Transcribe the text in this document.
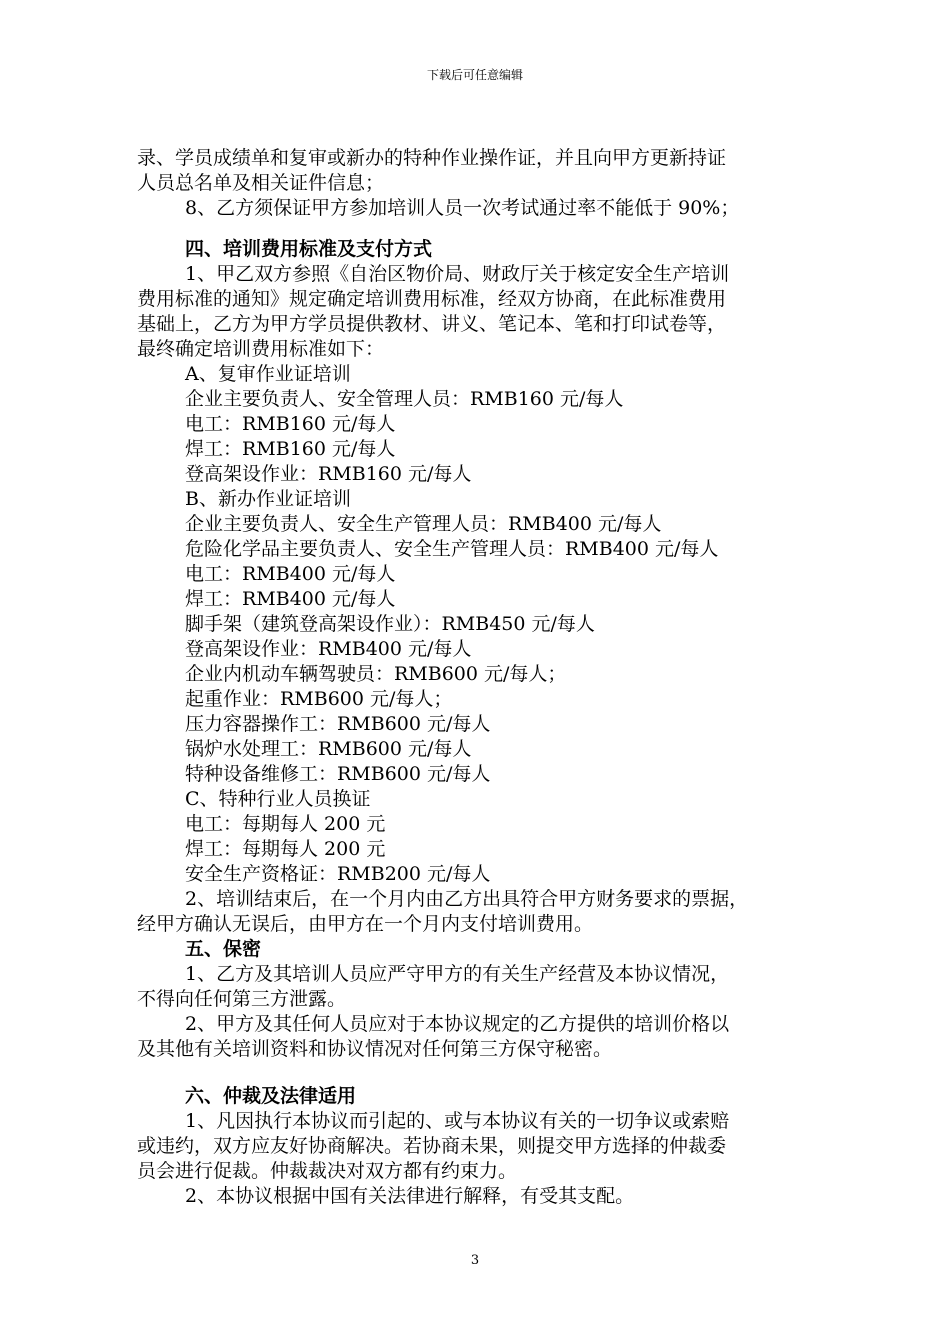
下载后可任意编辑

录、学员成绩单和复审或新办的特种作业操作证，并且向甲方更新持证

人员总名单及相关证件信息；

8、乙方须保证甲方参加培训人员一次考试通过率不能低于 90%；

四、培训费用标准及支付方式

1、甲乙双方参照《自治区物价局、财政厅关于核定安全生产培训

费用标准的通知》规定确定培训费用标准，经双方协商，在此标准费用

基础上，乙方为甲方学员提供教材、讲义、笔记本、笔和打印试卷等，

最终确定培训费用标准如下：

A、复审作业证培训

企业主要负责人、安全管理人员：RMB160 元/每人

电工：RMB160 元/每人

焊工：RMB160 元/每人

登高架设作业：RMB160 元/每人

B、新办作业证培训

企业主要负责人、安全生产管理人员：RMB400 元/每人

危险化学品主要负责人、安全生产管理人员：RMB400 元/每人

电工：RMB400 元/每人

焊工：RMB400 元/每人

脚手架（建筑登高架设作业）：RMB450 元/每人

登高架设作业：RMB400 元/每人

企业内机动车辆驾驶员：RMB600 元/每人；

起重作业：RMB600 元/每人；

压力容器操作工：RMB600 元/每人

锅炉水处理工：RMB600 元/每人

特种设备维修工：RMB600 元/每人

C、特种行业人员换证

电工：每期每人 200 元

焊工：每期每人 200 元

安全生产资格证：RMB200 元/每人

2、培训结束后，在一个月内由乙方出具符合甲方财务要求的票据，

经甲方确认无误后，由甲方在一个月内支付培训费用。

五、保密

1、乙方及其培训人员应严守甲方的有关生产经营及本协议情况，

不得向任何第三方泄露。

2、甲方及其任何人员应对于本协议规定的乙方提供的培训价格以

及其他有关培训资料和协议情况对任何第三方保守秘密。

六、仲裁及法律适用

1、凡因执行本协议而引起的、或与本协议有关的一切争议或索赔

或违约，双方应友好协商解决。若协商未果，则提交甲方选择的仲裁委

员会进行促裁。仲裁裁决对双方都有约束力。

2、本协议根据中国有关法律进行解释，有受其支配。

3
